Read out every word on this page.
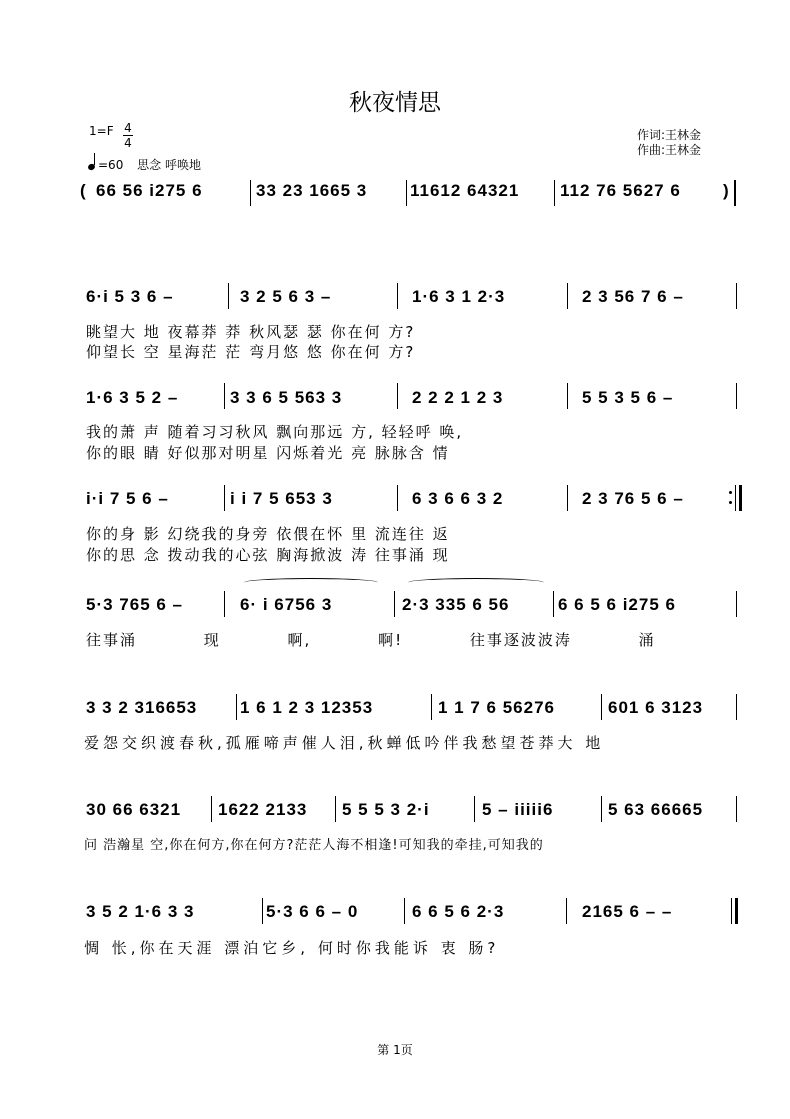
秋夜情思
1=F 4
4
=60 思念 呼唤地
作词:王林金
作曲:王林金
( 66 56 i275 6	33 23 1665 3	11612 64321 112 76 5627 6 )
6·i 5 3 6 –	3 2 5 6 3 –	1·6 3 1 2·3	2 3 56 7 6 –
眺望大 地 夜幕莽 莽 秋风瑟 瑟 你在何 方?
仰望长 空 星海茫 茫 弯月悠 悠 你在何 方?
1·6 3 5 2 –	3 3 6 5 563 3	2 2 2 1 2 3	5 5 3 5 6 –
我的萧 声 随着习习秋风 飘向那远 方, 轻轻呼 唤,
你的眼 睛 好似那对明星 闪烁着光 亮 脉脉含 情
i·i 7 5 6 –	i i 7 5 653 3	6 3 6 6 3 2	2 3 76 5 6 –
你的身 影 幻绕我的身旁 依偎在怀 里 流连往 返
你的思 念 拨动我的心弦 胸海掀波 涛 往事涌 现
5·3 765 6 –	6· i 6756 3	2·3 335 6 56	6 6 5 6 i275 6
往事涌 现 啊, 啊! 往事逐波波涛 涌
3 3 2 316653	1 6 1 2 3 12353	1 1 7 6 56276	601 6 3123
爱怨交织渡春秋,孤雁啼声催人泪,秋蝉低吟伴我愁望苍莽大 地
30 66 6321 1622 2133 5 5 5 3 2·i	5 – iiiii6	5 63 66665
问 浩瀚星 空,你在何方,你在何方?茫茫人海不相逢!可知我的牵挂,可知我的
3 5 2 1·6 3 3	5·3 6 6 – 0	6 6 5 6 2·3	2165 6 – –
惆 怅,你在天涯 漂泊它乡, 何时你我能诉 衷 肠?
第 1页
